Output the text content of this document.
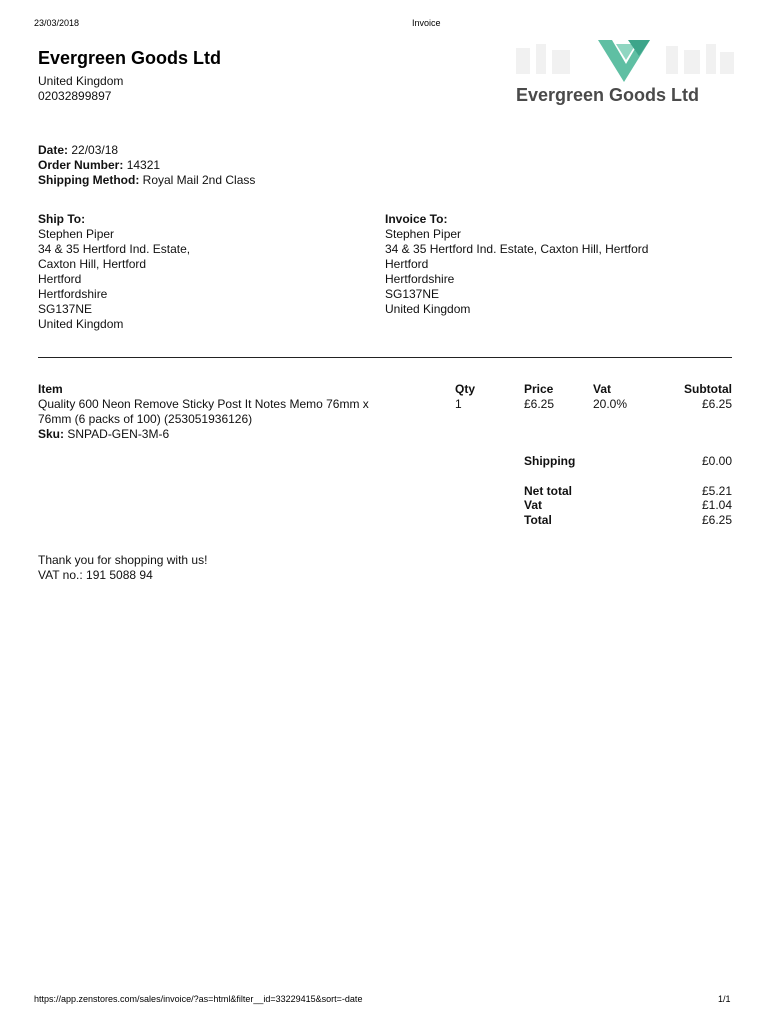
23/03/2018	Invoice
Evergreen Goods Ltd
United Kingdom
02032899897	Evergreen Goods Ltd
Date: 22/03/18
Order Number: 14321
Shipping Method: Royal Mail 2nd Class
Ship To:
Stephen Piper
34 & 35 Hertford Ind. Estate,
Caxton Hill, Hertford
Hertford
Hertfordshire
SG137NE
United Kingdom
Invoice To:
Stephen Piper
34 & 35 Hertford Ind. Estate, Caxton Hill, Hertford
Hertford
Hertfordshire
SG137NE
United Kingdom
Item	Qty	Price	Vat	Subtotal
Quality 600 Neon Remove Sticky Post It Notes Memo 76mm x
76mm (6 packs of 100) (253051936126)
Sku: SNPAD-GEN-3M-6
1	£6.25	20.0%	£6.25
Shipping	£0.00
Net total	£5.21
Vat	£1.04
Total	£6.25
Thank you for shopping with us!
VAT no.: 191 5088 94
https://app.zenstores.com/sales/invoice/?as=html&filter__id=33229415&sort=-date	1/1
